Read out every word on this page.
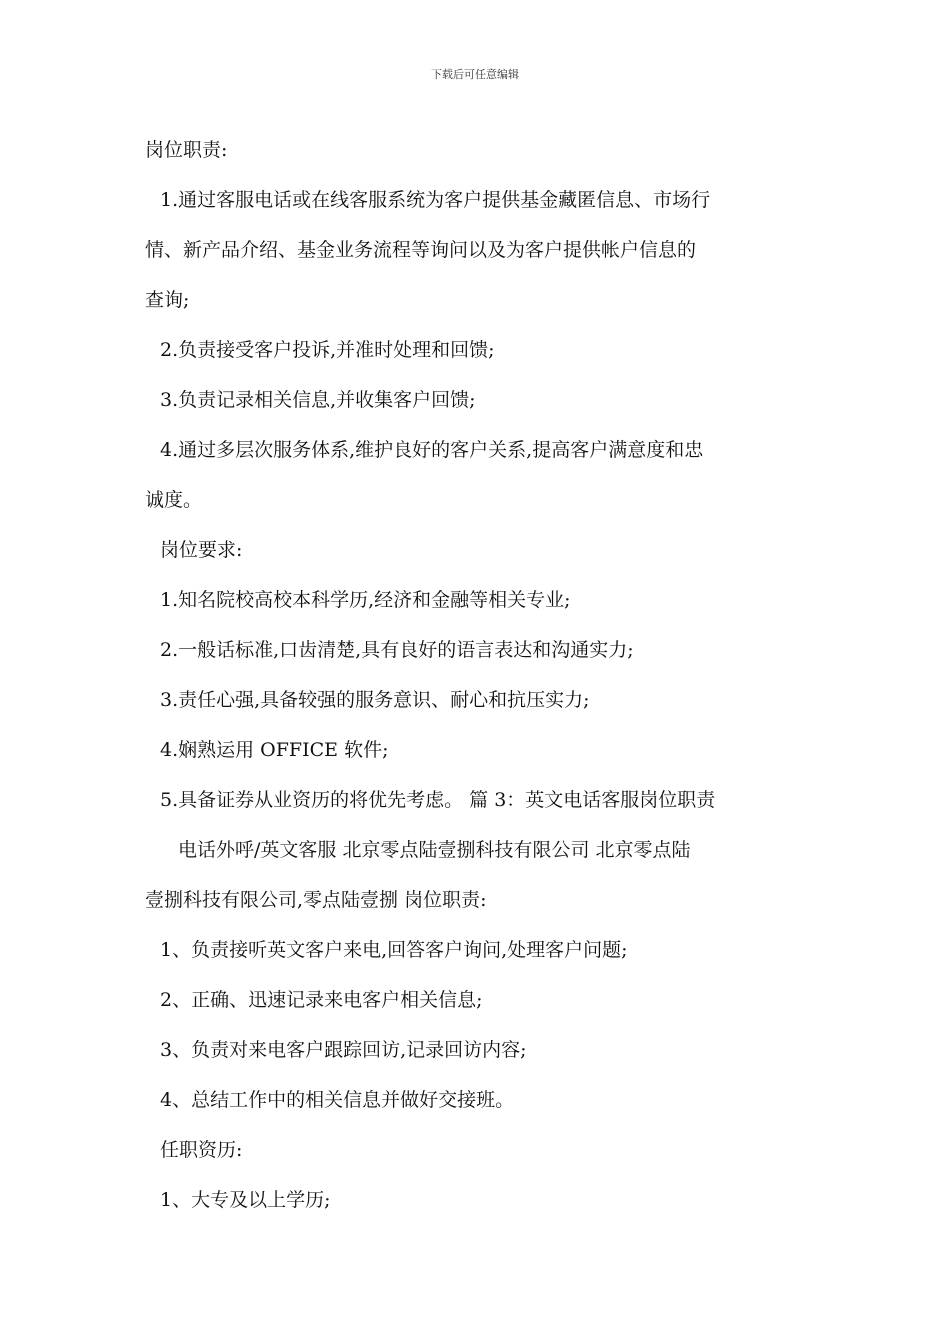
下载后可任意编辑
岗位职责:
1.通过客服电话或在线客服系统为客户提供基金藏匿信息、市场行
情、新产品介绍、基金业务流程等询问以及为客户提供帐户信息的
查询;
2.负责接受客户投诉,并准时处理和回馈;
3.负责记录相关信息,并收集客户回馈;
4.通过多层次服务体系,维护良好的客户关系,提高客户满意度和忠
诚度。
岗位要求:
1.知名院校高校本科学历,经济和金融等相关专业;
2.一般话标准,口齿清楚,具有良好的语言表达和沟通实力;
3.责任心强,具备较强的服务意识、耐心和抗压实力;
4.娴熟运用 OFFICE 软件;
5.具备证券从业资历的将优先考虑。 篇 3：英文电话客服岗位职责
电话外呼/英文客服 北京零点陆壹捌科技有限公司 北京零点陆
壹捌科技有限公司,零点陆壹捌 岗位职责:
1、负责接听英文客户来电,回答客户询问,处理客户问题;
2、正确、迅速记录来电客户相关信息;
3、负责对来电客户跟踪回访,记录回访内容;
4、总结工作中的相关信息并做好交接班。
任职资历:
1、大专及以上学历;
